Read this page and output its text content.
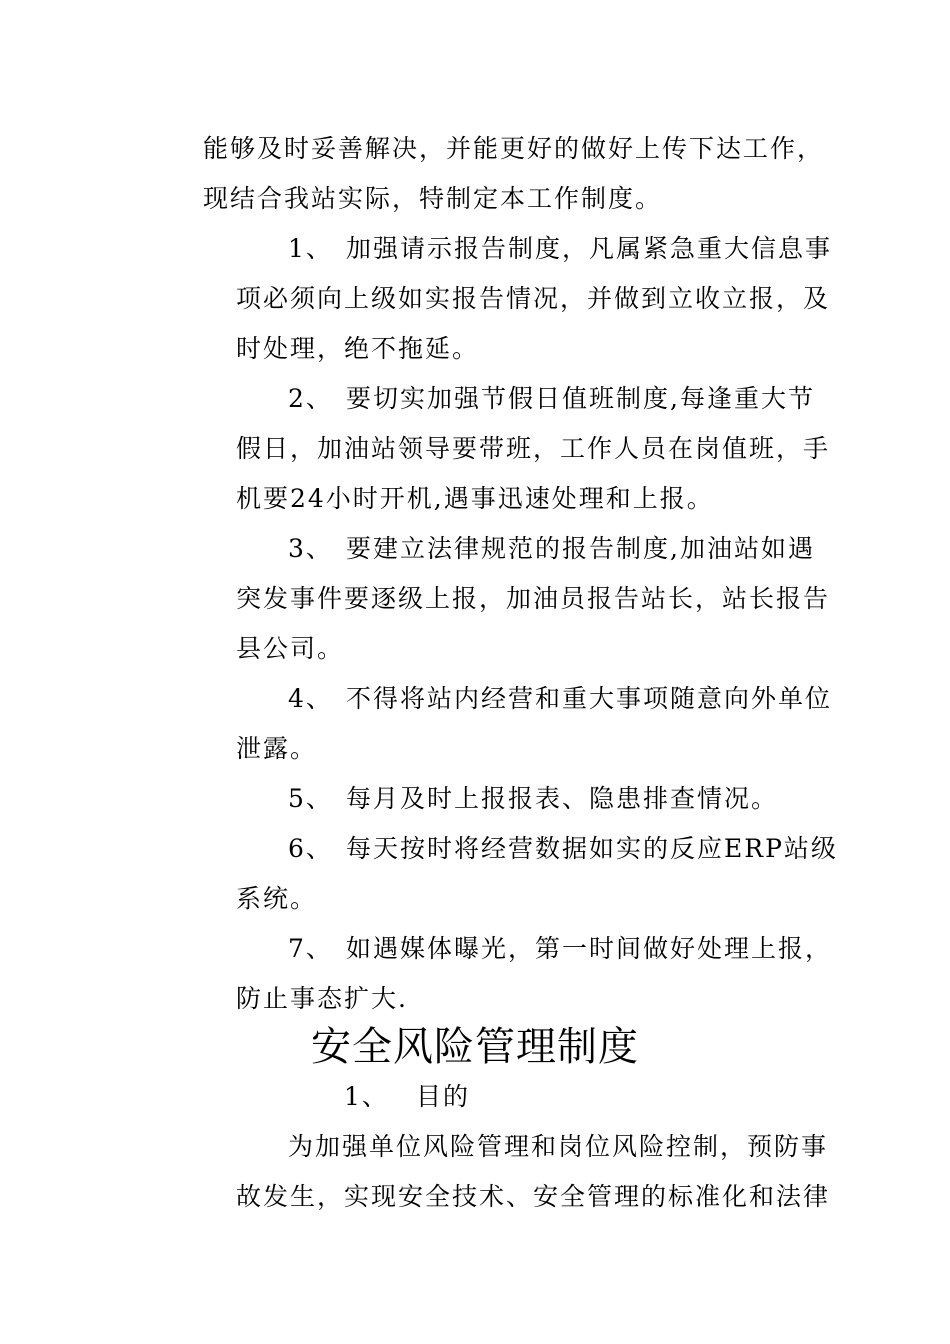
能够及时妥善解决，并能更好的做好上传下达工作，
现结合我站实际，特制定本工作制度。
1、 加强请示报告制度，凡属紧急重大信息事
项必须向上级如实报告情况，并做到立收立报，及
时处理，绝不拖延。
2、 要切实加强节假日值班制度,每逢重大节
假日，加油站领导要带班，工作人员在岗值班，手
机要24小时开机,遇事迅速处理和上报。
3、 要建立法律规范的报告制度,加油站如遇
突发事件要逐级上报，加油员报告站长，站长报告
县公司。
4、 不得将站内经营和重大事项随意向外单位
泄露。
5、 每月及时上报报表、隐患排查情况。
6、 每天按时将经营数据如实的反应ERP站级
系统。
7、 如遇媒体曝光，第一时间做好处理上报，
防止事态扩大.
安全风险管理制度
1、 目的
为加强单位风险管理和岗位风险控制，预防事
故发生，实现安全技术、安全管理的标准化和法律
